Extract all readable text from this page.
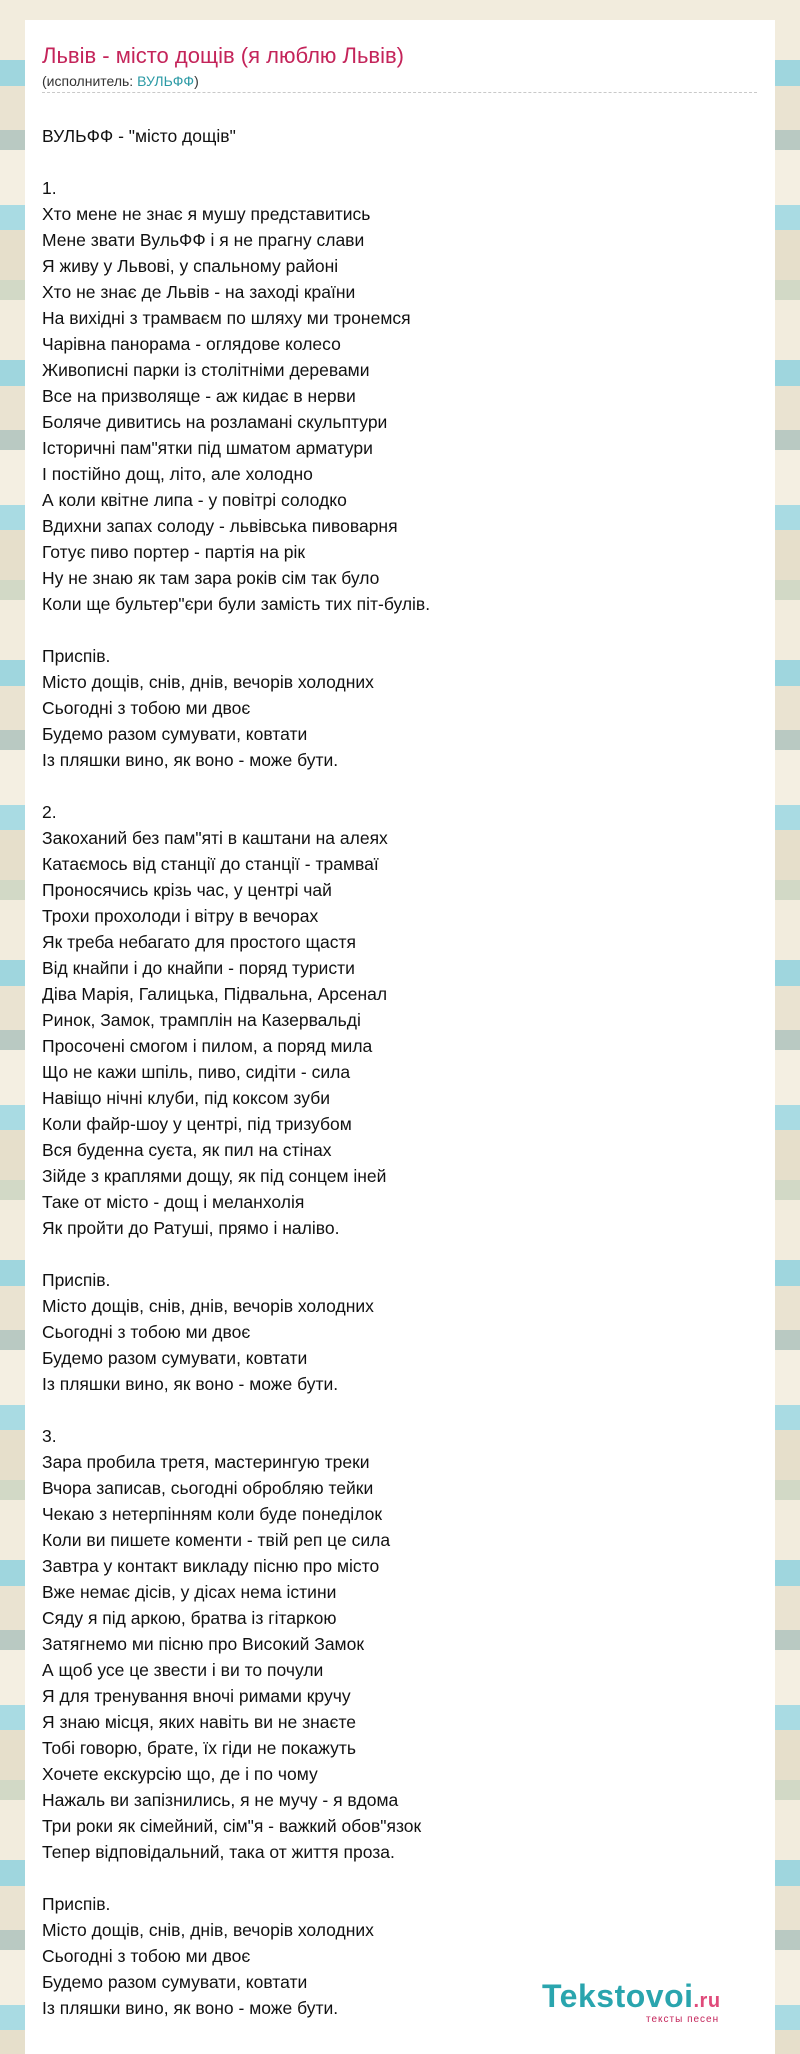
Львів - місто дощів (я люблю Львів)
(исполнитель: ВУЛЬФФ)
ВУЛЬФФ - "місто дощів"
1.
Хто мене не знає я мушу представитись
Мене звати ВульФФ і я не прагну слави
Я живу у Львові, у спальному районі
Хто не знає де Львів - на заході країни
На вихідні з трамваєм по шляху ми тронемся
Чарівна панорама - оглядове колесо
Живописні парки із столітніми деревами
Все на призволяще - аж кидає в нерви
Боляче дивитись на розламані скульптури
Історичні пам"ятки під шматом арматури
І постійно дощ, літо, але холодно
А коли квітне липа - у повітрі солодко
Вдихни запах солоду - львівська пивоварня
Готує пиво портер - партія на рік
Ну не знаю як там зара років сім так було
Коли ще бультер"єри були замість тих піт-булів.
Приспів.
Місто дощів, снів, днів, вечорів холодних
Сьогодні з тобою ми двоє
Будемо разом сумувати, ковтати
Із пляшки вино, як воно - може бути.
2.
Закоханий без пам"яті в каштани на алеях
Катаємось від станції до станції - трамваї
Проносячись крізь час, у центрі чай
Трохи прохолоди і вітру в вечорах
Як треба небагато для простого щастя
Від кнайпи і до кнайпи - поряд туристи
Діва Марія, Галицька, Підвальна, Арсенал
Ринок, Замок, трамплін на Казервальді
Просочені смогом і пилом, а поряд мила
Що не кажи шпіль, пиво, сидіти - сила
Навіщо нічні клуби, під коксом зуби
Коли файр-шоу у центрі, під тризубом
Вся буденна суєта, як пил на стінах
Зійде з краплями дощу, як під сонцем іней
Таке от місто - дощ і меланхолія
Як пройти до Ратуші, прямо і наліво.
Приспів.
Місто дощів, снів, днів, вечорів холодних
Сьогодні з тобою ми двоє
Будемо разом сумувати, ковтати
Із пляшки вино, як воно - може бути.
3.
Зара пробила третя, мастерингую треки
Вчора записав, сьогодні обробляю тейки
Чекаю з нетерпінням коли буде понеділок
Коли ви пишете коменти - твій реп це сила
Завтра у контакт викладу пісню про місто
Вже немає дісів, у дісах нема істини
Сяду я під аркою, братва із гітаркою
Затягнемо ми пісню про Високий Замок
А щоб усе це звести і ви то почули
Я для тренування вночі римами кручу
Я знаю місця, яких навіть ви не знаєте
Тобі говорю, брате, їх гіди не покажуть
Хочете екскурсію що, де і по чому
Нажаль ви запізнились, я не мучу - я вдома
Три роки як сімейний, сім"я - важкий обов"язок
Тепер відповідальний, така от життя проза.
Приспів.
Місто дощів, снів, днів, вечорів холодних
Сьогодні з тобою ми двоє
Будемо разом сумувати, ковтати
Із пляшки вино, як воно - може бути.	Tekstovoi.ru
тексты песен
